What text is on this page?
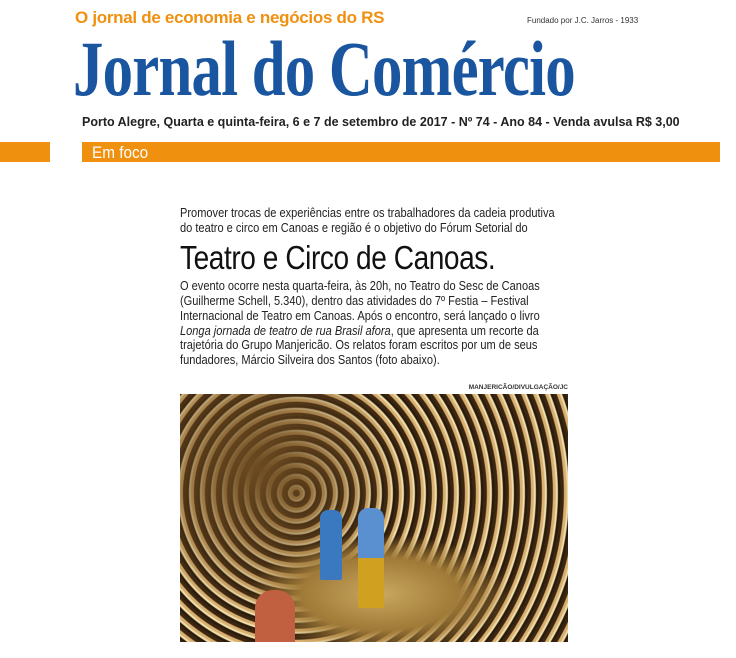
O jornal de economia e negócios do RS	Fundado por J.C. Jarros - 1933
Jornal do Comércio
Porto Alegre, Quarta e quinta-feira, 6 e 7 de setembro de 2017 - Nº 74 - Ano 84 - Venda avulsa R$ 3,00
Em foco

Promover trocas de experiências entre os trabalhadores da cadeia produtiva do teatro e circo em Canoas e região é o objetivo do Fórum Setorial do

Teatro e Circo de Canoas.

O evento ocorre nesta quarta-feira, às 20h, no Teatro do Sesc de Canoas (Guilherme Schell, 5.340), dentro das atividades do 7º Festia – Festival Internacional de Teatro em Canoas. Após o encontro, será lançado o livro Longa jornada de teatro de rua Brasil afora, que apresenta um recorte da trajetória do Grupo Manjericão. Os relatos foram escritos por um de seus fundadores, Márcio Silveira dos Santos (foto abaixo).

MANJERICÃO/DIVULGAÇÃO/JC
